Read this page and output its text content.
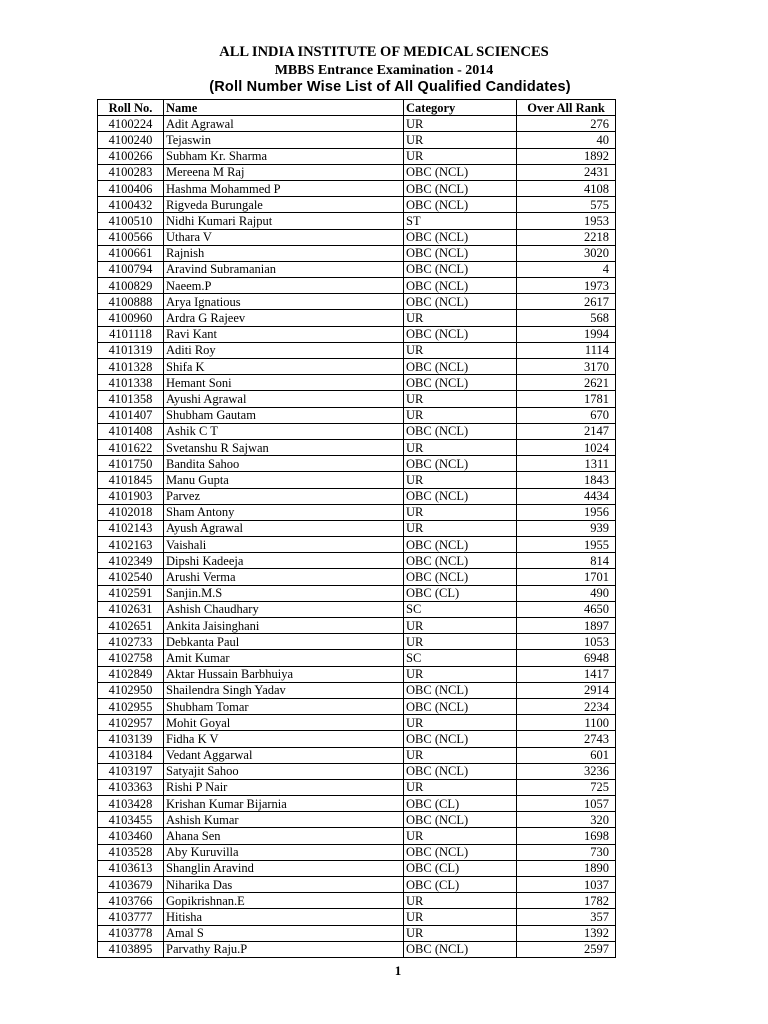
ALL INDIA INSTITUTE OF MEDICAL SCIENCES
MBBS Entrance Examination - 2014
(Roll Number Wise List of All Qualified Candidates)
Roll No.	Name	Category	Over All Rank
4100224	Adit Agrawal	UR	276
4100240	Tejaswin	UR	40
4100266	Subham Kr. Sharma	UR	1892
4100283	Mereena M Raj	OBC (NCL)	2431
4100406	Hashma Mohammed P	OBC (NCL)	4108
4100432	Rigveda Burungale	OBC (NCL)	575
4100510	Nidhi Kumari Rajput	ST	1953
4100566	Uthara V	OBC (NCL)	2218
4100661	Rajnish	OBC (NCL)	3020
4100794	Aravind Subramanian	OBC (NCL)	4
4100829	Naeem.P	OBC (NCL)	1973
4100888	Arya Ignatious	OBC (NCL)	2617
4100960	Ardra G Rajeev	UR	568
4101118	Ravi Kant	OBC (NCL)	1994
4101319	Aditi Roy	UR	1114
4101328	Shifa K	OBC (NCL)	3170
4101338	Hemant Soni	OBC (NCL)	2621
4101358	Ayushi Agrawal	UR	1781
4101407	Shubham Gautam	UR	670
4101408	Ashik C T	OBC (NCL)	2147
4101622	Svetanshu R Sajwan	UR	1024
4101750	Bandita Sahoo	OBC (NCL)	1311
4101845	Manu Gupta	UR	1843
4101903	Parvez	OBC (NCL)	4434
4102018	Sham Antony	UR	1956
4102143	Ayush Agrawal	UR	939
4102163	Vaishali	OBC (NCL)	1955
4102349	Dipshi Kadeeja	OBC (NCL)	814
4102540	Arushi Verma	OBC (NCL)	1701
4102591	Sanjin.M.S	OBC (CL)	490
4102631	Ashish Chaudhary	SC	4650
4102651	Ankita Jaisinghani	UR	1897
4102733	Debkanta Paul	UR	1053
4102758	Amit Kumar	SC	6948
4102849	Aktar Hussain Barbhuiya	UR	1417
4102950	Shailendra Singh Yadav	OBC (NCL)	2914
4102955	Shubham Tomar	OBC (NCL)	2234
4102957	Mohit Goyal	UR	1100
4103139	Fidha K V	OBC (NCL)	2743
4103184	Vedant Aggarwal	UR	601
4103197	Satyajit Sahoo	OBC (NCL)	3236
4103363	Rishi P Nair	UR	725
4103428	Krishan Kumar Bijarnia	OBC (CL)	1057
4103455	Ashish Kumar	OBC (NCL)	320
4103460	Ahana Sen	UR	1698
4103528	Aby Kuruvilla	OBC (NCL)	730
4103613	Shanglin Aravind	OBC (CL)	1890
4103679	Niharika Das	OBC (CL)	1037
4103766	Gopikrishnan.E	UR	1782
4103777	Hitisha	UR	357
4103778	Amal S	UR	1392
4103895	Parvathy Raju.P	OBC (NCL)	2597
1
